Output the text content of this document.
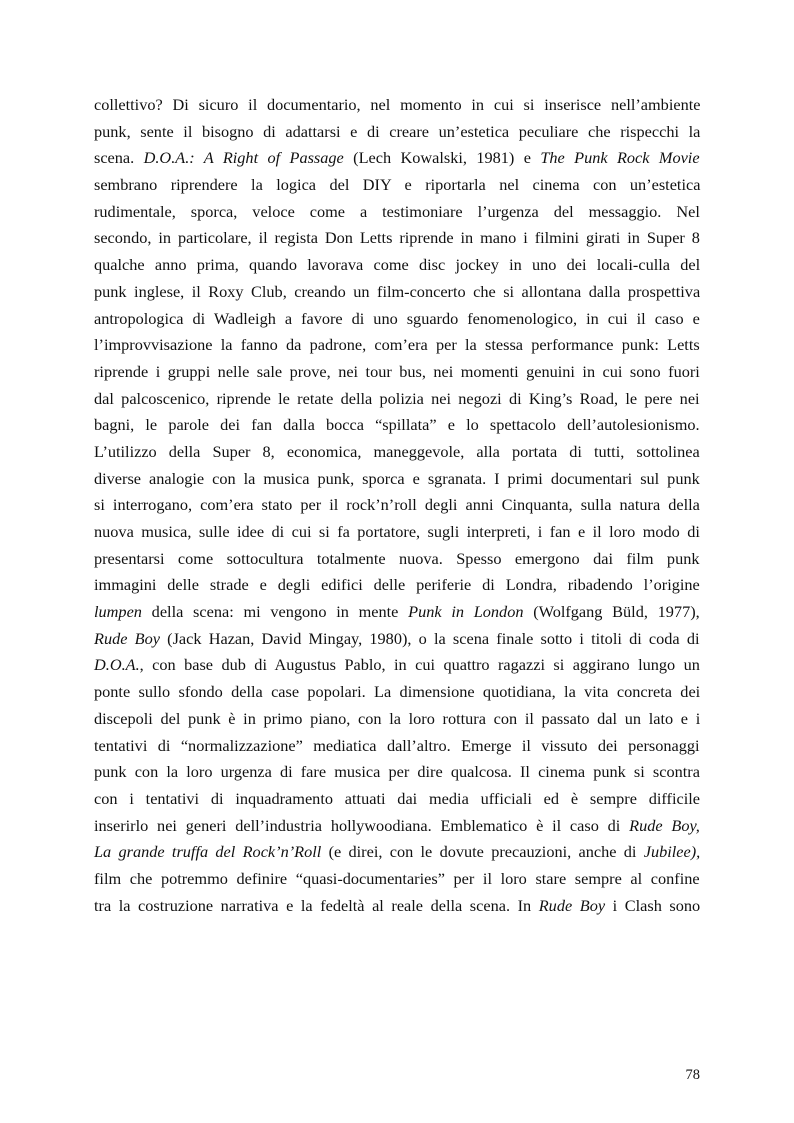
collettivo? Di sicuro il documentario, nel momento in cui si inserisce nell’ambiente
punk, sente il bisogno di adattarsi e di creare un’estetica peculiare che rispecchi la
scena. D.O.A.: A Right of Passage (Lech Kowalski, 1981) e The Punk Rock Movie
sembrano riprendere la logica del DIY e riportarla nel cinema con un’estetica
rudimentale, sporca, veloce come a testimoniare l’urgenza del messaggio. Nel
secondo, in particolare, il regista Don Letts riprende in mano i filmini girati in Super 8
qualche anno prima, quando lavorava come disc jockey in uno dei locali-culla del
punk inglese, il Roxy Club, creando un film-concerto che si allontana dalla prospettiva
antropologica di Wadleigh a favore di uno sguardo fenomenologico, in cui il caso e
l’improvvisazione la fanno da padrone, com’era per la stessa performance punk: Letts
riprende i gruppi nelle sale prove, nei tour bus, nei momenti genuini in cui sono fuori
dal palcoscenico, riprende le retate della polizia nei negozi di King’s Road, le pere nei
bagni, le parole dei fan dalla bocca “spillata” e lo spettacolo dell’autolesionismo.
L’utilizzo della Super 8, economica, maneggevole, alla portata di tutti, sottolinea
diverse analogie con la musica punk, sporca e sgranata. I primi documentari sul punk
si interrogano, com’era stato per il rock’n’roll degli anni Cinquanta, sulla natura della
nuova musica, sulle idee di cui si fa portatore, sugli interpreti, i fan e il loro modo di
presentarsi come sottocultura totalmente nuova. Spesso emergono dai film punk
immagini delle strade e degli edifici delle periferie di Londra, ribadendo l’origine
lumpen della scena: mi vengono in mente Punk in London (Wolfgang Büld, 1977),
Rude Boy (Jack Hazan, David Mingay, 1980), o la scena finale sotto i titoli di coda di
D.O.A., con base dub di Augustus Pablo, in cui quattro ragazzi si aggirano lungo un
ponte sullo sfondo della case popolari. La dimensione quotidiana, la vita concreta dei
discepoli del punk è in primo piano, con la loro rottura con il passato dal un lato e i
tentativi di “normalizzazione” mediatica dall’altro. Emerge il vissuto dei personaggi
punk con la loro urgenza di fare musica per dire qualcosa. Il cinema punk si scontra
con i tentativi di inquadramento attuati dai media ufficiali ed è sempre difficile
inserirlo nei generi dell’industria hollywoodiana. Emblematico è il caso di Rude Boy,
La grande truffa del Rock’n’Roll (e direi, con le dovute precauzioni, anche di Jubilee),
film che potremmo definire “quasi-documentaries” per il loro stare sempre al confine
tra la costruzione narrativa e la fedeltà al reale della scena. In Rude Boy i Clash sono
78
